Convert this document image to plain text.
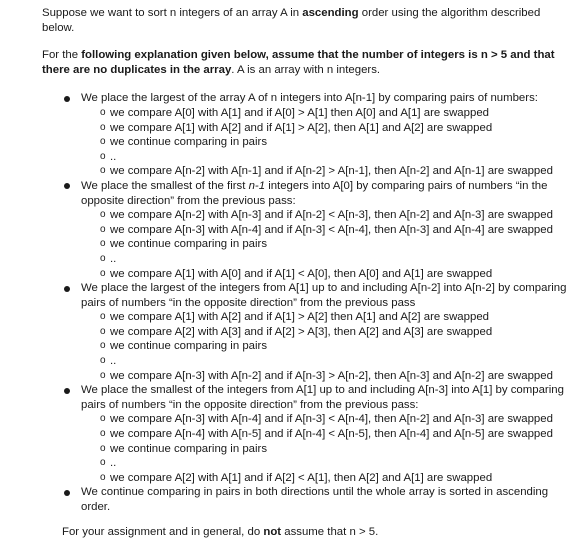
Suppose we want to sort n integers of an array A in ascending order using the algorithm described below.

For the following explanation given below, assume that the number of integers is n > 5 and that there are no duplicates in the array. A is an array with n integers.

We place the largest of the array A of n integers into A[n-1] by comparing pairs of numbers:
o we compare A[0] with A[1] and if A[0] > A[1] then A[0] and A[1] are swapped
o we compare A[1] with A[2] and if A[1] > A[2], then A[1] and A[2] are swapped
o we continue comparing in pairs
o ..
o we compare A[n-2] with A[n-1] and if A[n-2] > A[n-1], then A[n-2] and A[n-1] are swapped
We place the smallest of the first n-1 integers into A[0] by comparing pairs of numbers “in the opposite direction” from the previous pass:
o we compare A[n-2] with A[n-3] and if A[n-2] < A[n-3], then A[n-2] and A[n-3] are swapped
o we compare A[n-3] with A[n-4] and if A[n-3] < A[n-4], then A[n-3] and A[n-4] are swapped
o we continue comparing in pairs
o ..
o we compare A[1] with A[0] and if A[1] < A[0], then A[0] and A[1] are swapped
We place the largest of the integers from A[1] up to and including A[n-2] into A[n-2] by comparing pairs of numbers “in the opposite direction” from the previous pass
o we compare A[1] with A[2] and if A[1] > A[2] then A[1] and A[2] are swapped
o we compare A[2] with A[3] and if A[2] > A[3], then A[2] and A[3] are swapped
o we continue comparing in pairs
o ..
o we compare A[n-3] with A[n-2] and if A[n-3] > A[n-2], then A[n-3] and A[n-2] are swapped
We place the smallest of the integers from A[1] up to and including A[n-3] into A[1] by comparing pairs of numbers “in the opposite direction” from the previous pass:
o we compare A[n-3] with A[n-4] and if A[n-3] < A[n-4], then A[n-2] and A[n-3] are swapped
o we compare A[n-4] with A[n-5] and if A[n-4] < A[n-5], then A[n-4] and A[n-5] are swapped
o we continue comparing in pairs
o ..
o we compare A[2] with A[1] and if A[2] < A[1], then A[2] and A[1] are swapped
We continue comparing in pairs in both directions until the whole array is sorted in ascending order.

For your assignment and in general, do not assume that n > 5.
